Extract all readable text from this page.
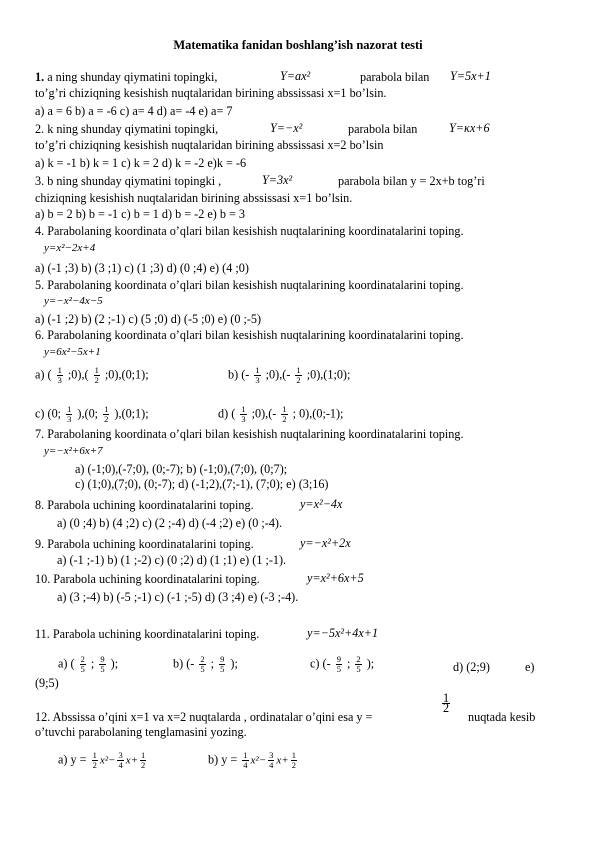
Matematika fanidan boshlang’ish nazorat testi
1. a ning shunday qiymatini topingki,	Y=ax²	parabola bilan Y=5x+1
to’g’ri chiziqning kesishish nuqtalaridan birining abssissasi x=1 bo’lsin.
a) a = 6 b) a = -6 c) a= 4 d) a= -4 e) a= 7
2. k ning shunday qiymatini topingki,	Y=−x²	parabola bilan	Y=κx+6
to’g’ri chiziqning kesishish nuqtalaridan birining abssissasi x=2 bo’lsin
a) k = -1 b) k = 1 c) k = 2 d) k = -2 e)k = -6
3. b ning shunday qiymatini topingki ,	Y=3x²	parabola bilan y = 2x+b tog’ri
chiziqning kesishish nuqtalaridan birining abssissasi x=1 bo’lsin.
a) b = 2 b) b = -1 c) b = 1 d) b = -2 e) b = 3
4. Parabolaning koordinata o’qlari bilan kesishish nuqtalarining koordinatalarini toping.
y=x²−2x+4
a) (-1 ;3) b) (3 ;1) c) (1 ;3) d) (0 ;4) e) (4 ;0)
5. Parabolaning koordinata o’qlari bilan kesishish nuqtalarining koordinatalarini toping.
y=−x²−4x−5
a) (-1 ;2) b) (2 ;-1) c) (5 ;0) d) (-5 ;0) e) (0 ;-5)
6. Parabolaning koordinata o’qlari bilan kesishish nuqtalarining koordinatalarini toping.
y=6x²−5x+1
a) ( $\frac{1}{3}$ ;0),( $\frac{1}{2}$ ;0),(0;1);	b) (- $\frac{1}{3}$ ;0),(- $\frac{1}{2}$ ;0),(1;0);
c) (0; $\frac{1}{3} ),(0$; $\frac{1}{2}$ ),(0;1);	d) ( $\frac{1}{3}$ ;0),(- $\frac{1}{2}$ ; 0),(0;-1);
7. Parabolaning koordinata o’qlari bilan kesishish nuqtalarining koordinatalarini toping.
y=−x²+6x+7
a) (-1;0),(-7;0), (0;-7); b) (-1;0),(7;0), (0;7);
c) (1;0),(7;0), (0;-7); d) (-1;2),(7;-1), (7;0); e) (3;16)
8. Parabola uchining koordinatalarini toping.	y=x²−4x
a) (0 ;4) b) (4 ;2) c) (2 ;-4) d) (-4 ;2) e) (0 ;-4).
9. Parabola uchining koordinatalarini toping.	y=−x²+2x
a) (-1 ;-1) b) (1 ;-2) c) (0 ;2) d) (1 ;1) e) (1 ;-1).
10. Parabola uchining koordinatalarini toping.	y=x²+6x+5
a) (3 ;-4) b) (-5 ;-1) c) (-1 ;-5) d) (3 ;4) e) (-3 ;-4).
11. Parabola uchining koordinatalarini toping.	y=−5x²+4x+1
a) ( $\frac{2}{5}$ ; $\frac{9}{5}$ );	b) (- $\frac{2}{5}$ ; $\frac{9}{5}$ );	c) (- $\frac{9}{5}$ ; $\frac{2}{5}$ );	d) (2;9)	e)
(9;5)
12. Abssissa o’qini x=1 va x=2 nuqtalarda , ordinatalar o’qini esa y =
$\frac{1}{2}$
nuqtada kesib
o’tuvchi parabolaning tenglamasini yozing.
a) $y = \frac{1}{2} x^2- \frac{3}{4} x+ \frac{1}{2}$	b) $y = \frac{1}{4} x^2- \frac{3}{4} x+ \frac{1}{2}$
